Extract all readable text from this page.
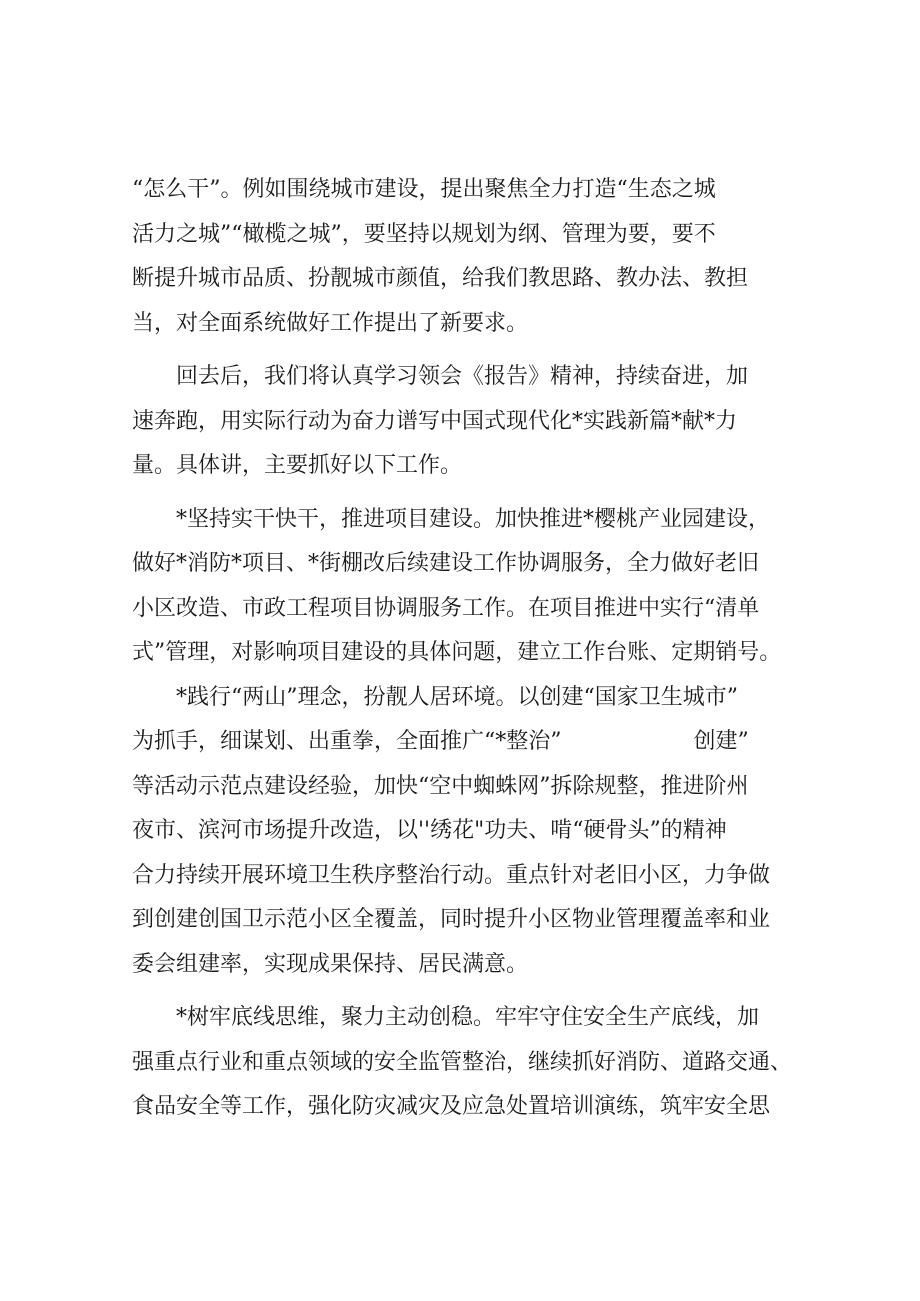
“怎么干”。例如围绕城市建设，提出聚焦全力打造“生态之城

活力之城”“橄榄之城”，要坚持以规划为纲、管理为要，要不

断提升城市品质、扮靓城市颜值，给我们教思路、教办法、教担

当，对全面系统做好工作提出了新要求。

回去后，我们将认真学习领会《报告》精神，持续奋进，加

速奔跑，用实际行动为奋力谱写中国式现代化*实践新篇*献*力

量。具体讲，主要抓好以下工作。

*坚持实干快干，推进项目建设。加快推进*樱桃产业园建设，

做好*消防*项目、*街棚改后续建设工作协调服务，全力做好老旧

小区改造、市政工程项目协调服务工作。在项目推进中实行“清单

式”管理，对影响项目建设的具体问题，建立工作台账、定期销号。

*践行“两山”理念，扮靓人居环境。以创建“国家卫生城市”

为抓手，细谋划、出重拳，全面推广“*整治”　　　　　　创建”

等活动示范点建设经验，加快“空中蜘蛛网”拆除规整，推进阶州

夜市、滨河市场提升改造，以''绣花"功夫、啃“硬骨头”的精神

合力持续开展环境卫生秩序整治行动。重点针对老旧小区，力争做

到创建创国卫示范小区全覆盖，同时提升小区物业管理覆盖率和业

委会组建率，实现成果保持、居民满意。

*树牢底线思维，聚力主动创稳。牢牢守住安全生产底线，加

强重点行业和重点领域的安全监管整治，继续抓好消防、道路交通、

食品安全等工作，强化防灾减灾及应急处置培训演练，筑牢安全思
